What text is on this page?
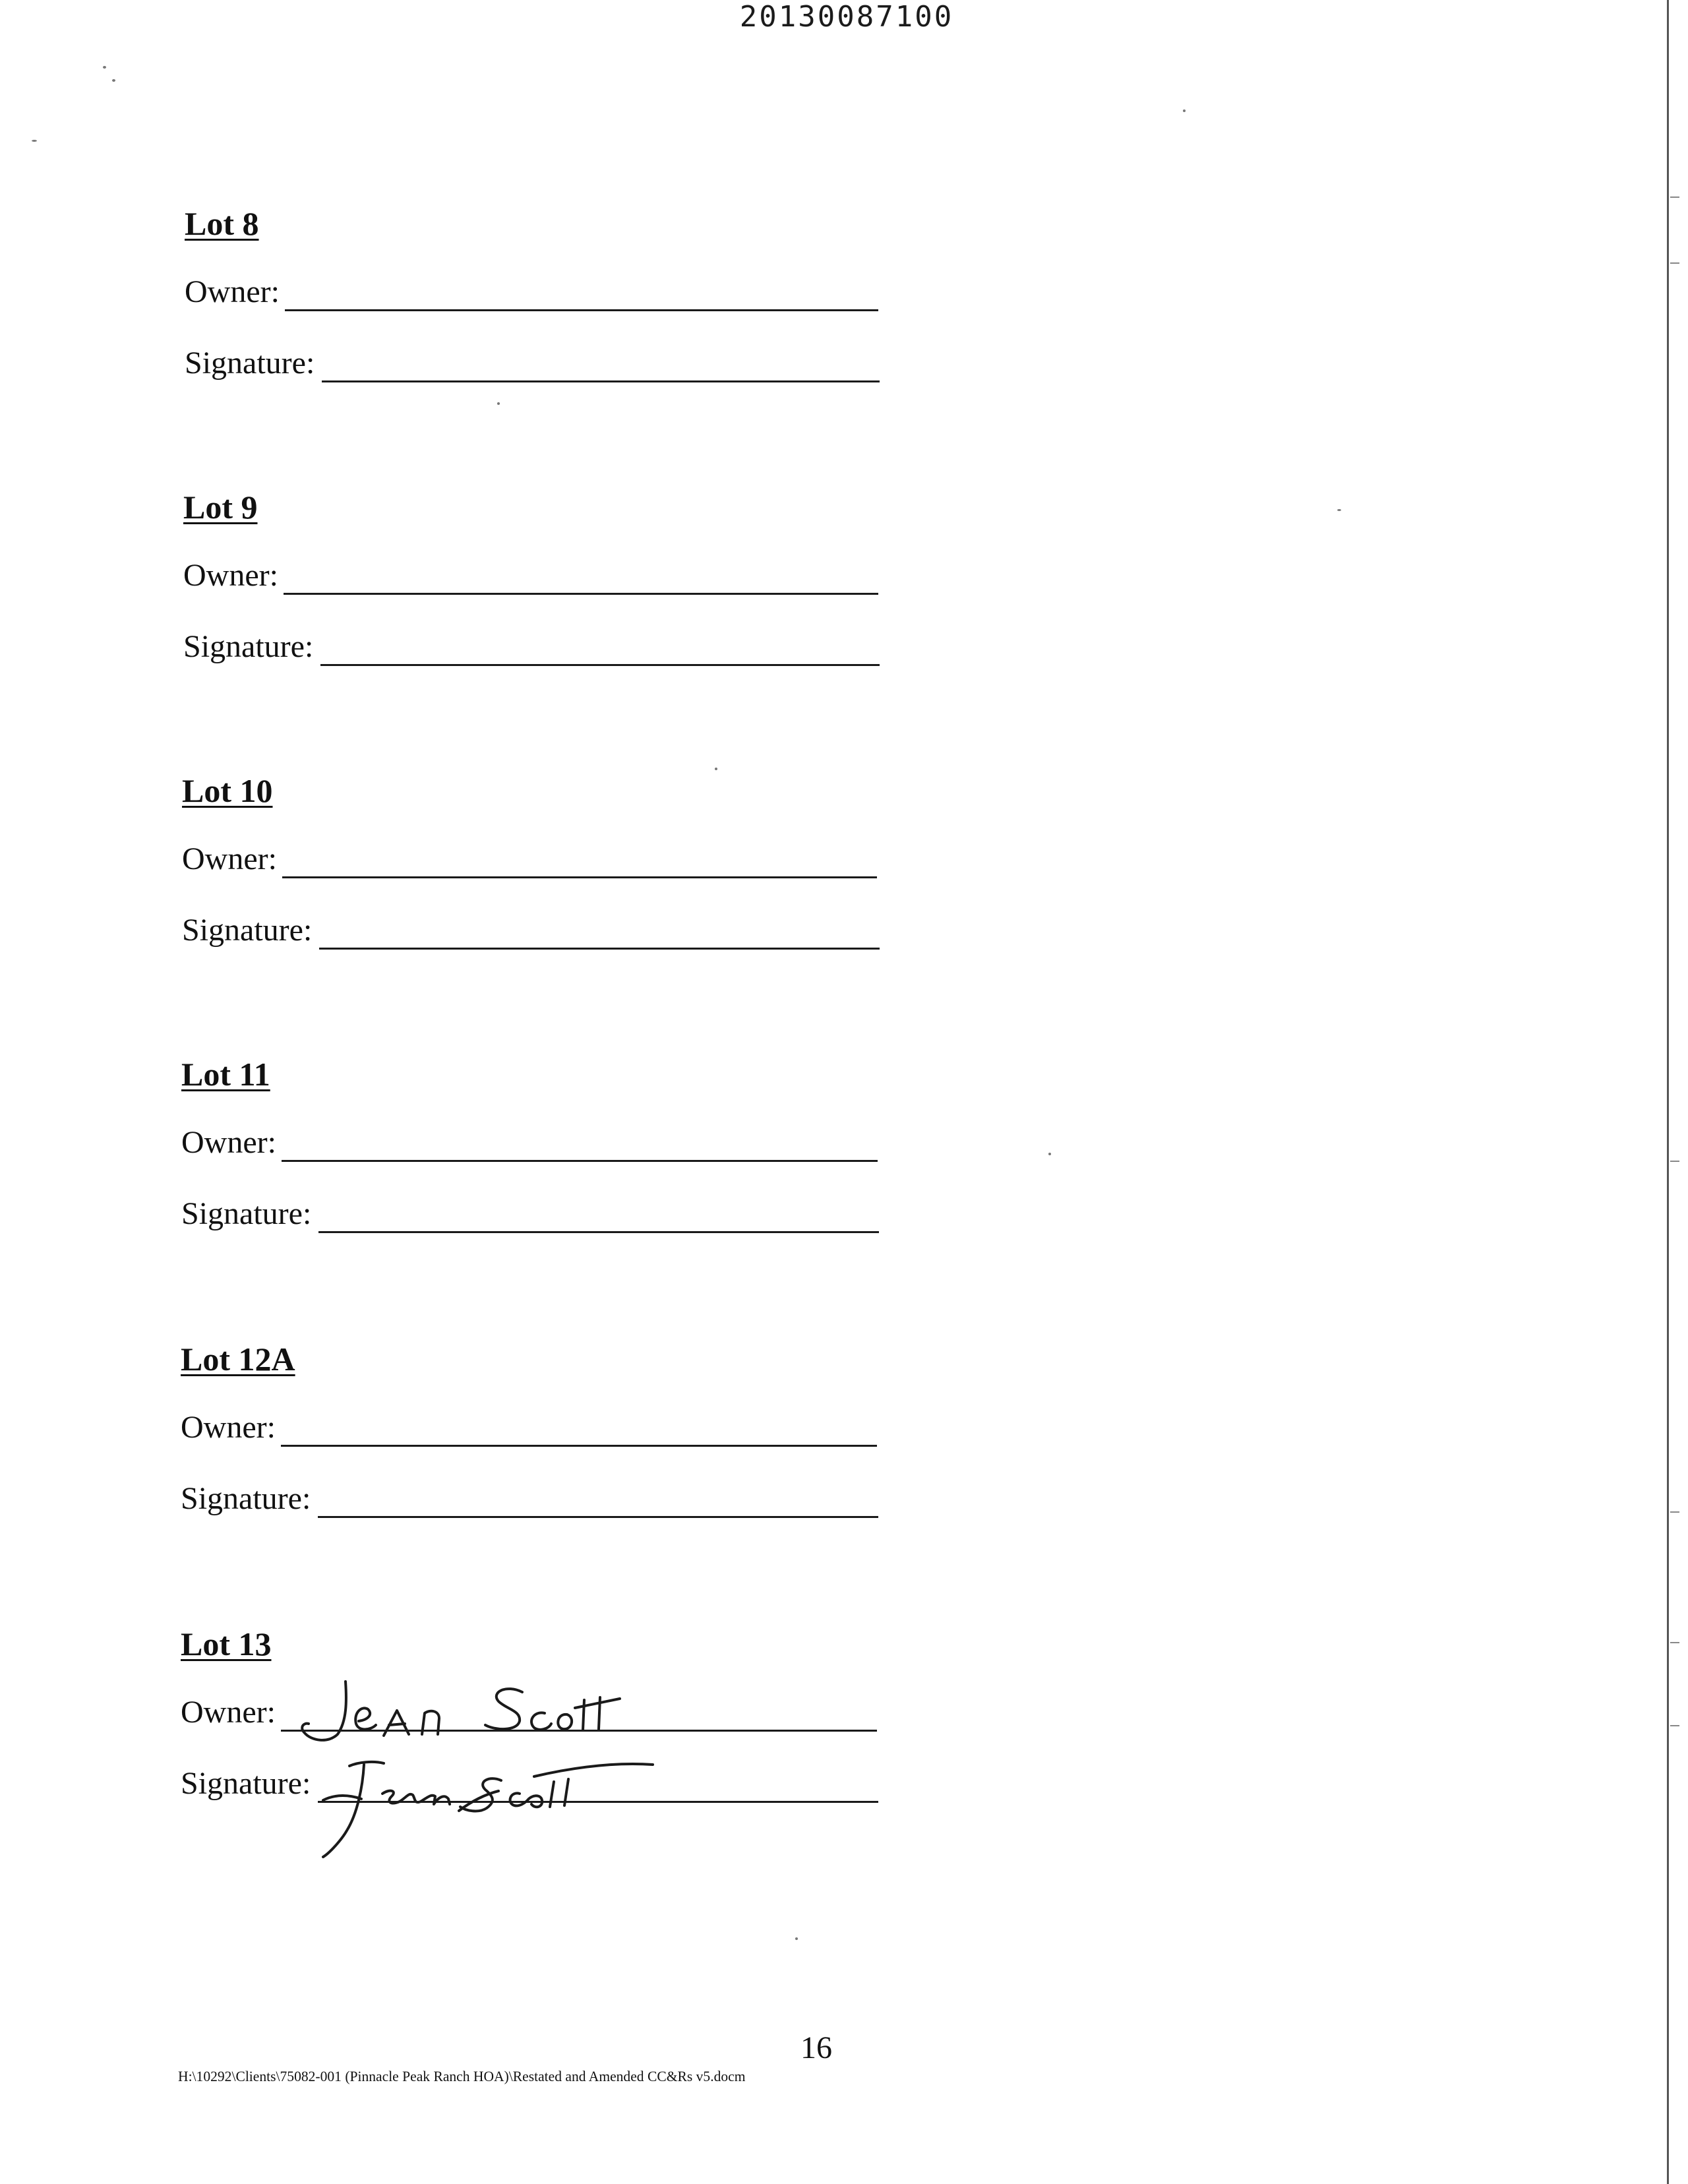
20130087100
Lot 8
Owner:
Signature:
Lot 9
Owner:
Signature:
Lot 10
Owner:
Signature:
Lot 11
Owner:
Signature:
Lot 12A
Owner:
Signature:
Lot 13
Owner:
Signature:
16
H:\10292\Clients\75082-001 (Pinnacle Peak Ranch HOA)\Restated and Amended CC&Rs v5.docm
